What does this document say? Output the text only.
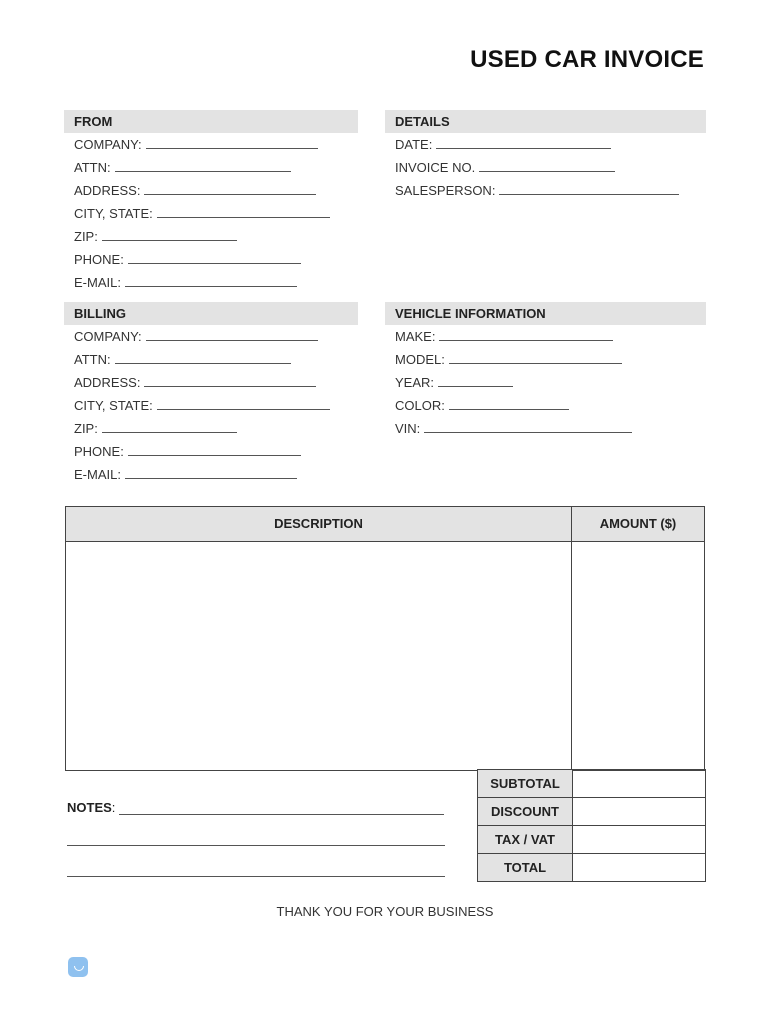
USED CAR INVOICE
FROM
COMPANY:
ATTN:
ADDRESS:
CITY, STATE:
ZIP:
PHONE:
E-MAIL:
DETAILS
DATE:
INVOICE NO.
SALESPERSON:
BILLING
COMPANY:
ATTN:
ADDRESS:
CITY, STATE:
ZIP:
PHONE:
E-MAIL:
VEHICLE INFORMATION
MAKE:
MODEL:
YEAR:
COLOR:
VIN:
DESCRIPTION	AMOUNT ($)
NOTES :
SUBTOTAL
DISCOUNT
TAX / VAT
TOTAL
THANK YOU FOR YOUR BUSINESS
